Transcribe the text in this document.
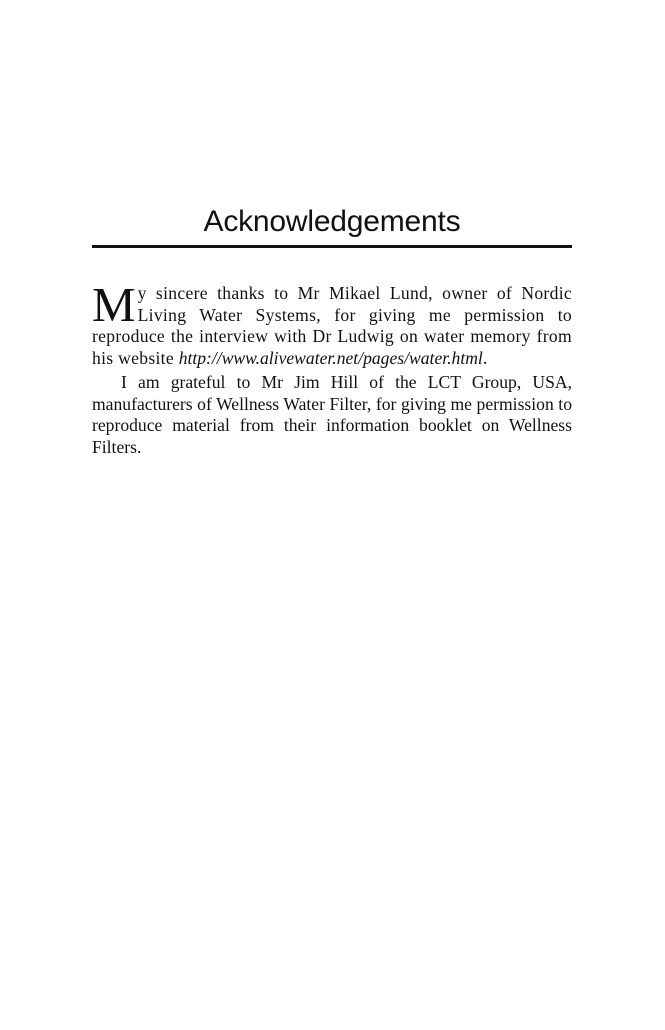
Acknowledgements

My sincere thanks to Mr Mikael Lund, owner of Nordic Living Water Systems, for giving me permission to reproduce the interview with Dr Ludwig on water memory from his website http://www.alivewater.net/pages/water.html.

I am grateful to Mr Jim Hill of the LCT Group, USA, manufacturers of Wellness Water Filter, for giving me permission to reproduce material from their information booklet on Wellness Filters.
